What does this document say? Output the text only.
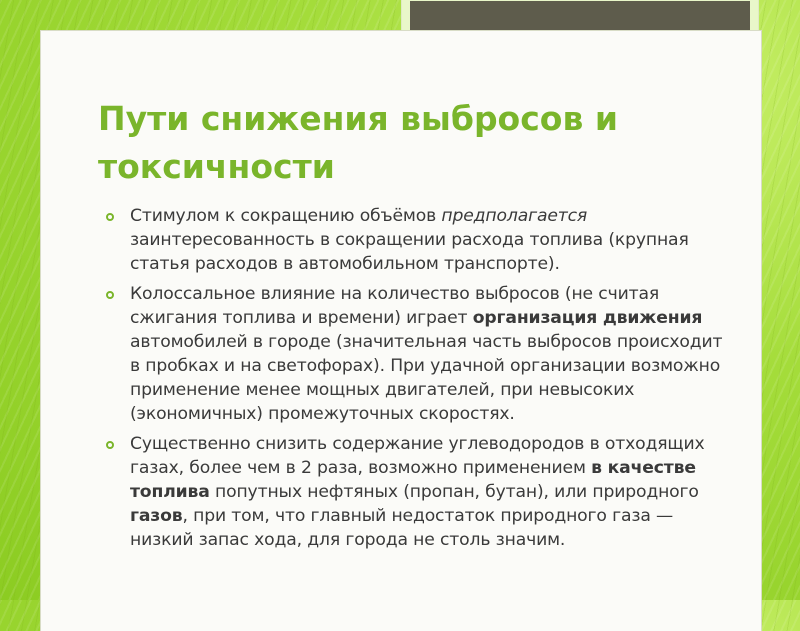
Пути снижения выбросов и токсичности
Стимулом к сокращению объёмов предполагается заинтересованность в сокращении расхода топлива (крупная статья расходов в автомобильном транспорте).
Колоссальное влияние на количество выбросов (не считая сжигания топлива и времени) играет организация движения автомобилей в городе (значительная часть выбросов происходит в пробках и на светофорах). При удачной организации возможно применение менее мощных двигателей, при невысоких (экономичных) промежуточных скоростях.
Существенно снизить содержание углеводородов в отходящих газах, более чем в 2 раза, возможно применением в качестве топлива попутных нефтяных (пропан, бутан), или природного газов, при том, что главный недостаток природного газа — низкий запас хода, для города не столь значим.
